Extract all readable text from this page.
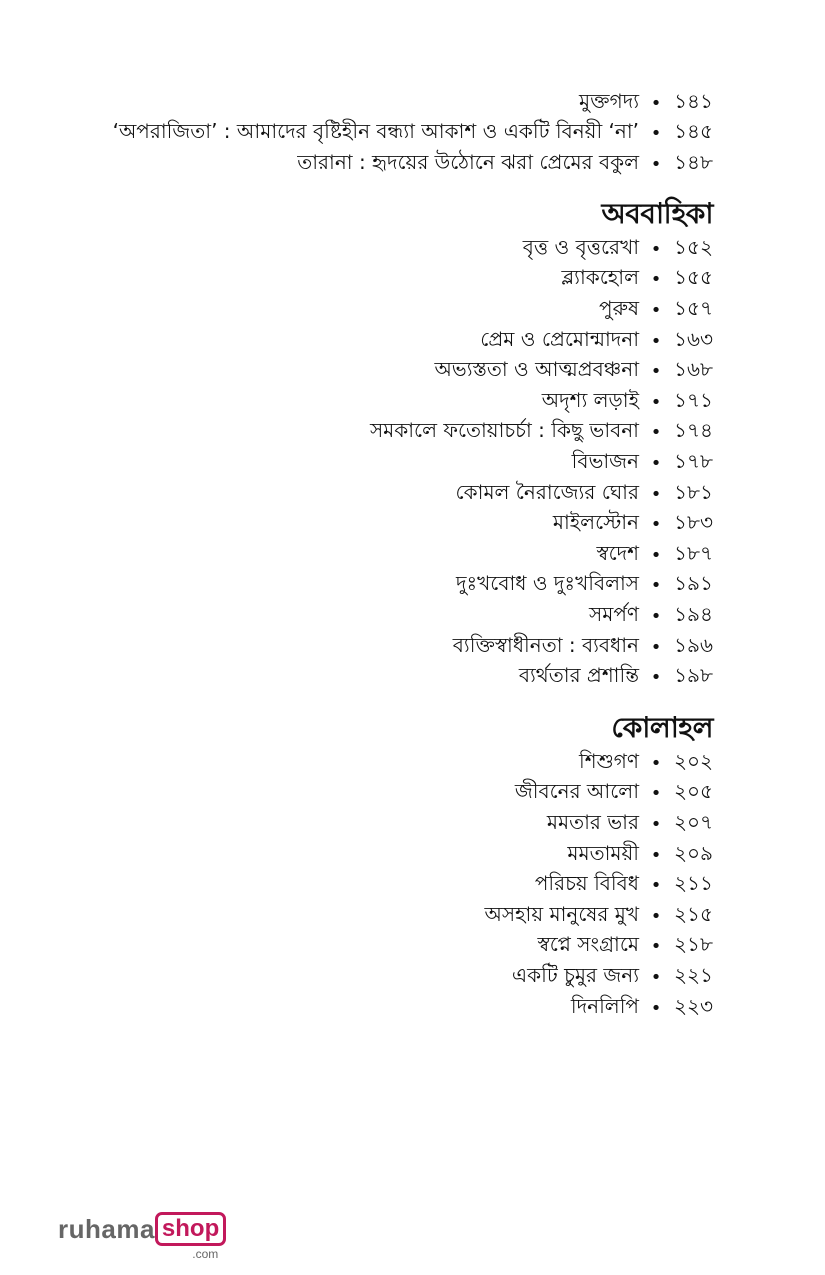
মুক্তগদ্য • ১৪১
‘অপরাজিতা’ : আমাদের বৃষ্টিহীন বন্ধ্যা আকাশ ও একটি বিনয়ী ‘না’ • ১৪৫
তারানা : হৃদয়ের উঠোনে ঝরা প্রেমের বকুল • ১৪৮
অববাহিকা
বৃত্ত ও বৃত্তরেখা • ১৫২
ব্ল্যাকহোল • ১৫৫
পুরুষ • ১৫৭
প্রেম ও প্রেমোন্মাদনা • ১৬৩
অভ্যস্ততা ও আত্মপ্রবঞ্চনা • ১৬৮
অদৃশ্য লড়াই • ১৭১
সমকালে ফতোয়াচর্চা : কিছু ভাবনা • ১৭৪
বিভাজন • ১৭৮
কোমল নৈরাজ্যের ঘোর • ১৮১
মাইলস্টোন • ১৮৩
স্বদেশ • ১৮৭
দুঃখবোধ ও দুঃখবিলাস • ১৯১
সমর্পণ • ১৯৪
ব্যক্তিস্বাধীনতা : ব্যবধান • ১৯৬
ব্যর্থতার প্রশান্তি • ১৯৮
কোলাহল
শিশুগণ • ২০২
জীবনের আলো • ২০৫
মমতার ভার • ২০৭
মমতাময়ী • ২০৯
পরিচয় বিবিধ • ২১১
অসহায় মানুষের মুখ • ২১৫
স্বপ্নে সংগ্রামে • ২১৮
একটি চুমুর জন্য • ২২১
দিনলিপি • ২২৩
ruhama shop
.com
